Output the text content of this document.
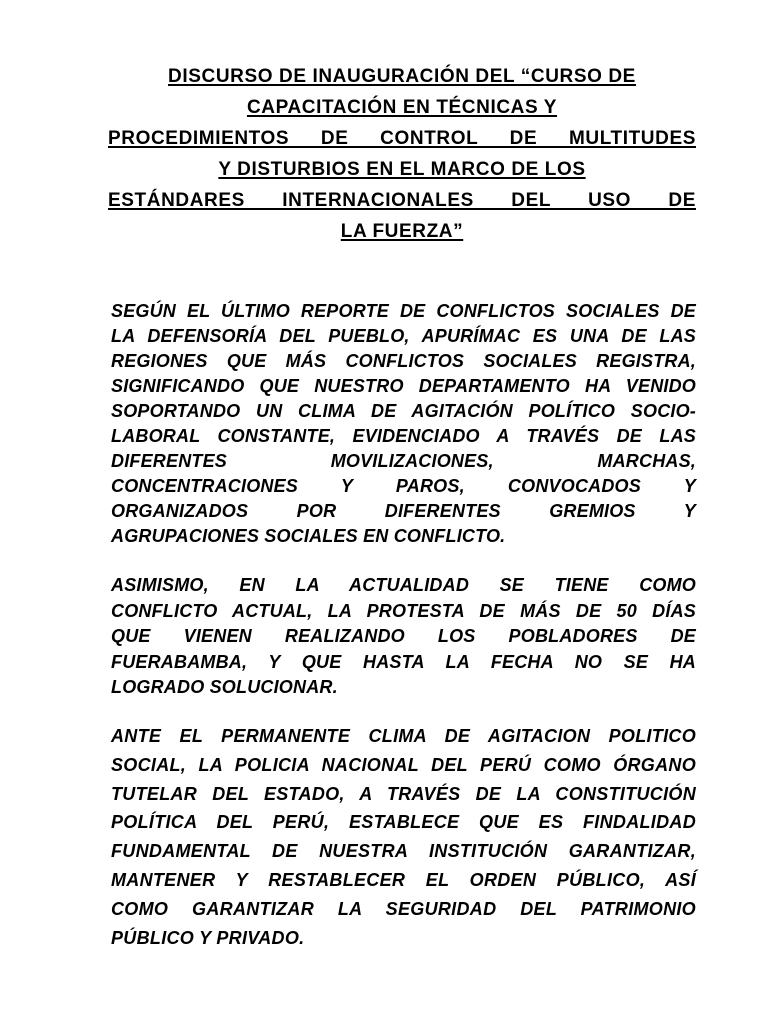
DISCURSO DE INAUGURACIÓN DEL “CURSO DE
CAPACITACIÓN EN TÉCNICAS Y
PROCEDIMIENTOS DE CONTROL DE MULTITUDES
Y DISTURBIOS EN EL MARCO DE LOS
ESTÁNDARES INTERNACIONALES DEL USO DE
LA FUERZA”
SEGÚN EL ÚLTIMO REPORTE DE CONFLICTOS SOCIALES DE
LA DEFENSORÍA DEL PUEBLO, APURÍMAC ES UNA DE LAS
REGIONES QUE MÁS CONFLICTOS SOCIALES REGISTRA,
SIGNIFICANDO QUE NUESTRO DEPARTAMENTO HA VENIDO
SOPORTANDO UN CLIMA DE AGITACIÓN POLÍTICO SOCIO-
LABORAL CONSTANTE, EVIDENCIADO A TRAVÉS DE LAS
DIFERENTES MOVILIZACIONES, MARCHAS,
CONCENTRACIONES Y PAROS, CONVOCADOS Y
ORGANIZADOS POR DIFERENTES GREMIOS Y
AGRUPACIONES SOCIALES EN CONFLICTO.
ASIMISMO, EN LA ACTUALIDAD SE TIENE COMO
CONFLICTO ACTUAL, LA PROTESTA DE MÁS DE 50 DÍAS
QUE VIENEN REALIZANDO LOS POBLADORES DE
FUERABAMBA, Y QUE HASTA LA FECHA NO SE HA
LOGRADO SOLUCIONAR.
ANTE EL PERMANENTE CLIMA DE AGITACION POLITICO
SOCIAL, LA POLICIA NACIONAL DEL PERÚ COMO ÓRGANO
TUTELAR DEL ESTADO, A TRAVÉS DE LA CONSTITUCIÓN
POLÍTICA DEL PERÚ, ESTABLECE QUE ES FINDALIDAD
FUNDAMENTAL DE NUESTRA INSTITUCIÓN GARANTIZAR,
MANTENER Y RESTABLECER EL ORDEN PÚBLICO, ASÍ
COMO GARANTIZAR LA SEGURIDAD DEL PATRIMONIO
PÚBLICO Y PRIVADO.
